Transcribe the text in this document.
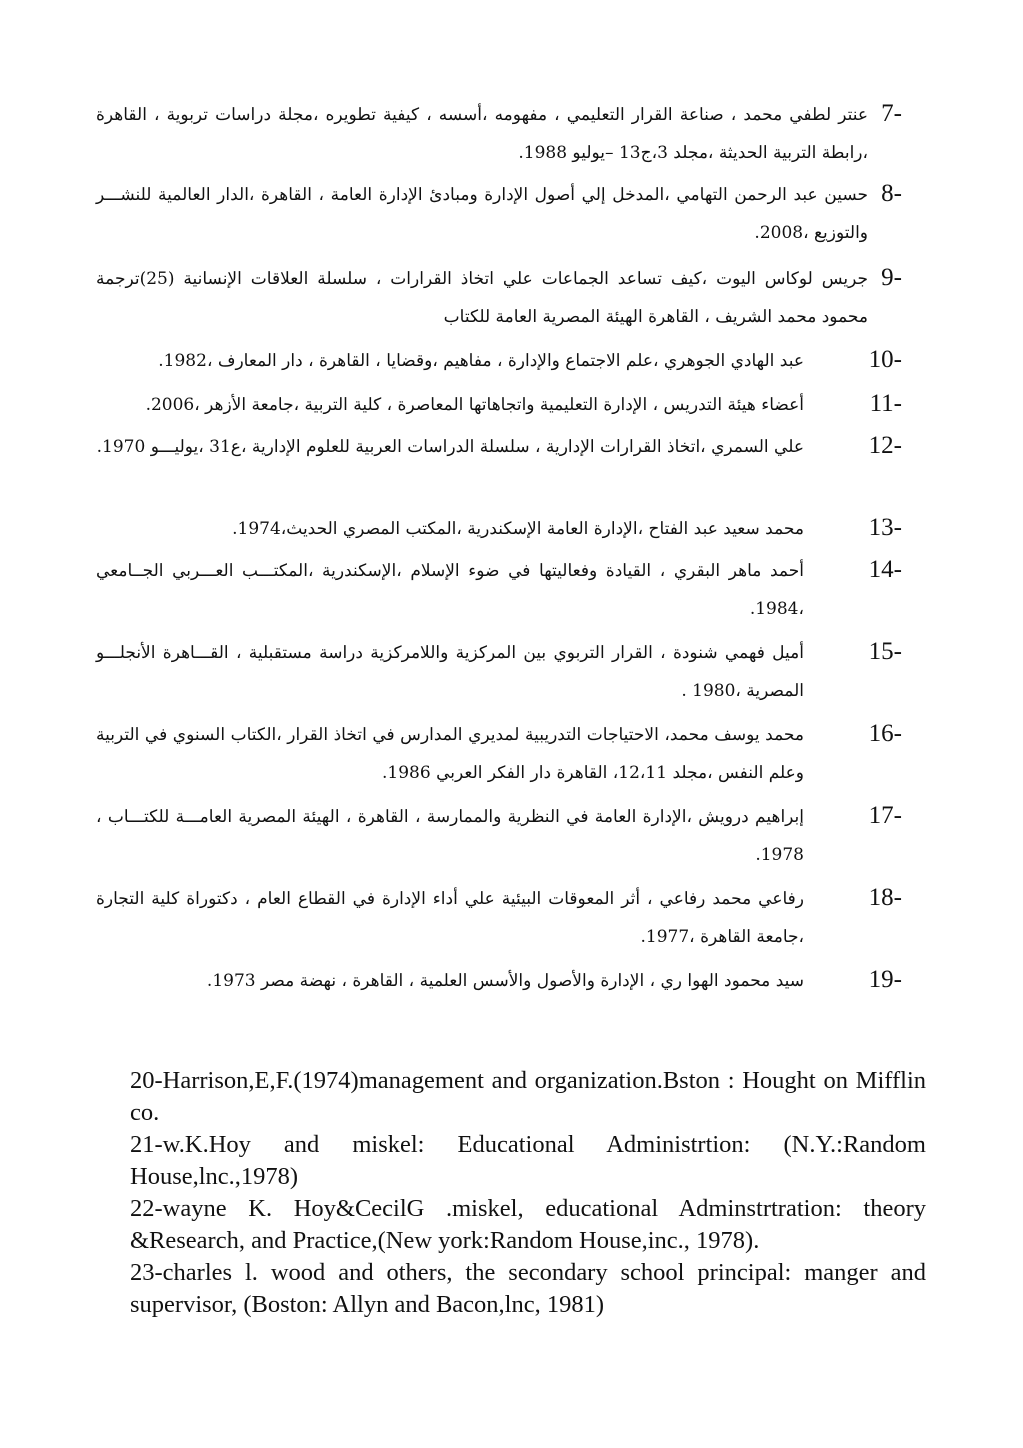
7-
عنتر لطفي محمد ، صناعة القرار التعليمي ، مفهومه ،أسسه ، كيفية تطويره ،مجلة دراسات تربوية ، القاهرة ،رابطة التربية الحديثة ،مجلد 3،ج13 –يوليو 1988.
8-
حسين عبد الرحمن التهامي ،المدخل إلي أصول الإدارة ومبادئ الإدارة العامة ، القاهرة ،الدار العالمية للنشـــر والتوزيع ،2008.
9-
جريس لوكاس اليوت ،كيف تساعد الجماعات علي اتخاذ القرارات ، سلسلة العلاقات الإنسانية (25)ترجمة محمود محمد الشريف ، القاهرة الهيئة المصرية العامة للكتاب
10-
عبد الهادي الجوهري ،علم الاجتماع والإدارة ، مفاهيم ،وقضايا ، القاهرة ، دار المعارف ،1982.
11-
أعضاء هيئة التدريس ، الإدارة التعليمية واتجاهاتها المعاصرة ، كلية التربية ،جامعة الأزهر ،2006.
12-
علي السمري ،اتخاذ القرارات الإدارية ، سلسلة الدراسات العربية للعلوم الإدارية ،ع31 ،يوليـــو 1970.
13-
محمد سعيد عبد الفتاح ،الإدارة العامة الإسكندرية ،المكتب المصري الحديث،1974.
14-
أحمد ماهر البقري ، القيادة وفعاليتها في ضوء الإسلام ،الإسكندرية ،المكتـــب العـــربي الجــامعي ،1984.
15-
أميل فهمي شنودة ، القرار التربوي بين المركزية واللامركزية دراسة مستقبلية ، القـــاهرة الأنجلـــو المصرية ،1980 .
16-
محمد يوسف محمد، الاحتياجات التدريبية لمديري المدارس في اتخاذ القرار ،الكتاب السنوي في التربية وعلم النفس ،مجلد 12،11، القاهرة دار الفكر العربي 1986.
17-
إبراهيم درويش ،الإدارة العامة في النظرية والممارسة ، القاهرة ، الهيئة المصرية العامـــة للكتـــاب ، 1978.
18-
رفاعي محمد رفاعي ، أثر المعوقات البيئية علي أداء الإدارة في القطاع العام ، دكتوراة كلية التجارة ،جامعة القاهرة ،1977.
19-
سيد محمود الهوا ري ، الإدارة والأصول والأسس العلمية ، القاهرة ، نهضة مصر 1973.

20-Harrison,E,F.(1974)management and organization.Bston : Hought on Mifflin co.

21-w.K.Hoy and miskel: Educational Administrtion: (N.Y.:Random House,lnc.,1978)

22-wayne K. Hoy&CecilG .miskel, educational Adminstrtration: theory &Research, and Practice,(New york:Random House,inc., 1978).

23-charles l. wood and others, the secondary school principal: manger and supervisor, (Boston: Allyn and Bacon,lnc, 1981)
